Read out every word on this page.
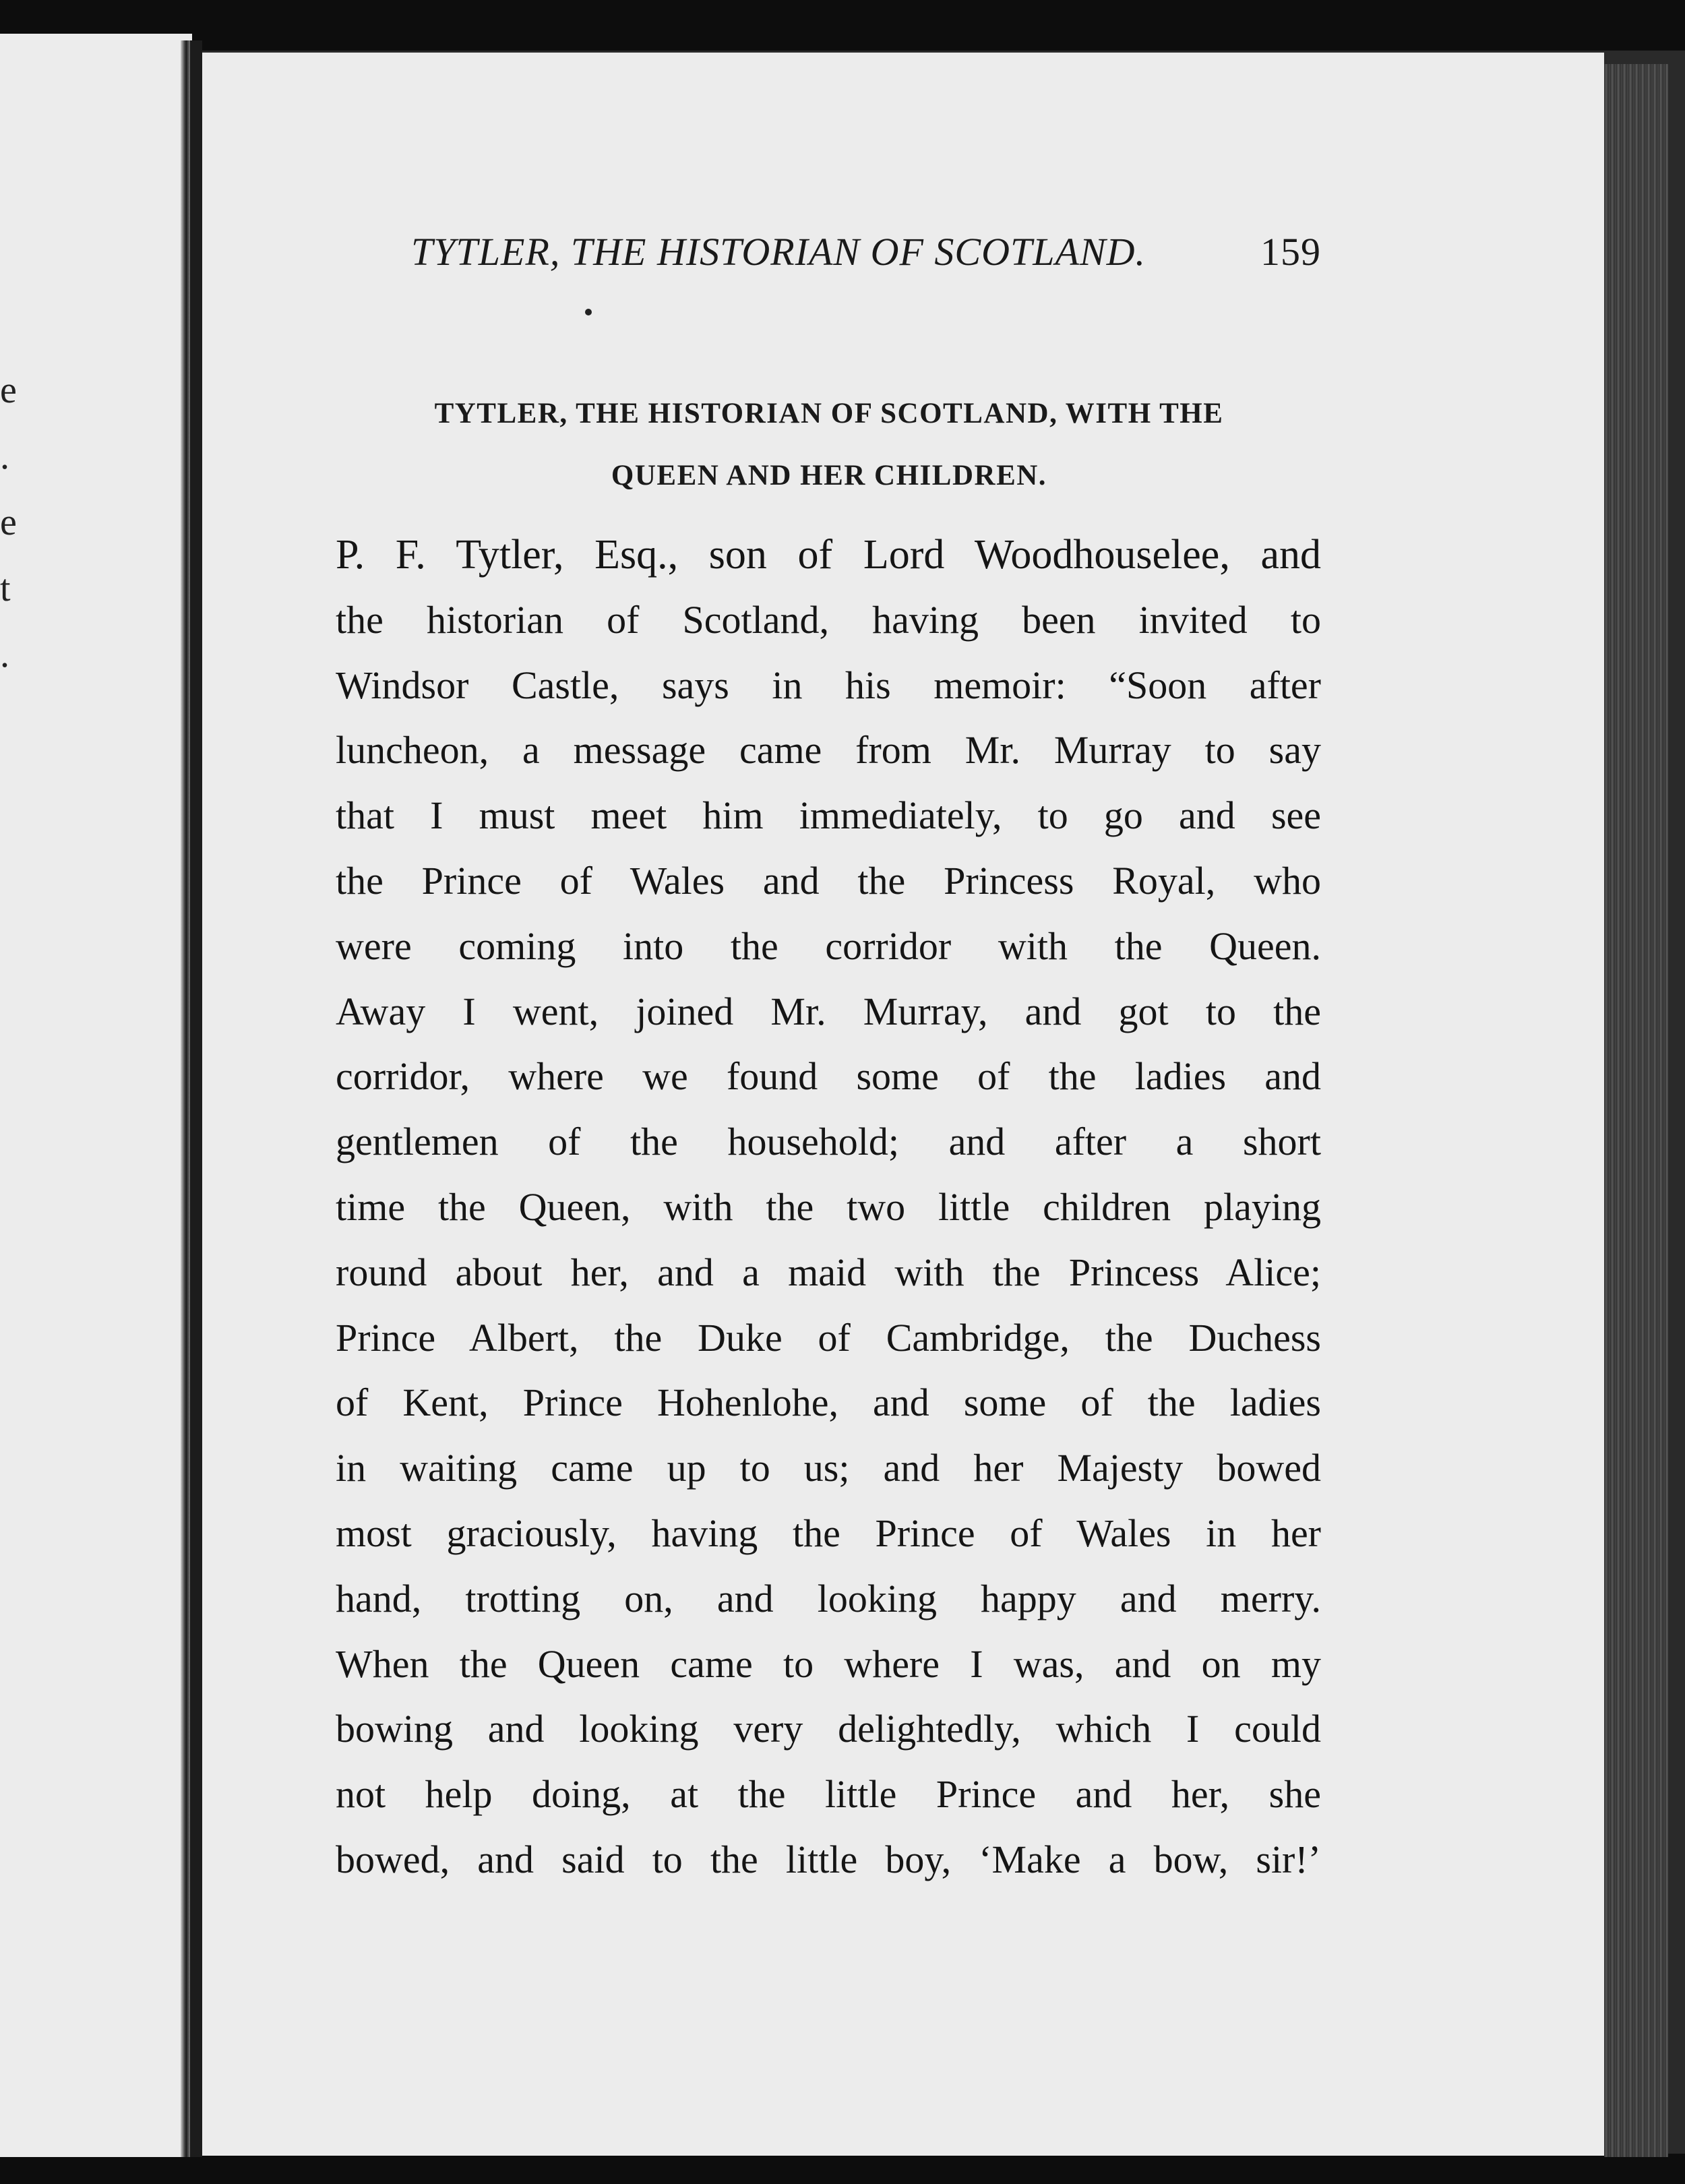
e
.
e
t
.
TYTLER, THE HISTORIAN OF SCOTLAND.	159
TYTLER, THE HISTORIAN OF SCOTLAND, WITH THE
QUEEN AND HER CHILDREN.
P. F. Tytler, Esq., son of Lord Woodhouselee, and
the historian of Scotland, having been invited to
Windsor Castle, says in his memoir: “Soon after
luncheon, a message came from Mr. Murray to say
that I must meet him immediately, to go and see
the Prince of Wales and the Princess Royal, who
were coming into the corridor with the Queen.
Away I went, joined Mr. Murray, and got to the
corridor, where we found some of the ladies and
gentlemen of the household; and after a short
time the Queen, with the two little children playing
round about her, and a maid with the Princess Alice;
Prince Albert, the Duke of Cambridge, the Duchess
of Kent, Prince Hohenlohe, and some of the ladies
in waiting came up to us; and her Majesty bowed
most graciously, having the Prince of Wales in her
hand, trotting on, and looking happy and merry.
When the Queen came to where I was, and on my
bowing and looking very delightedly, which I could
not help doing, at the little Prince and her, she
bowed, and said to the little boy, ‘Make a bow, sir!’
